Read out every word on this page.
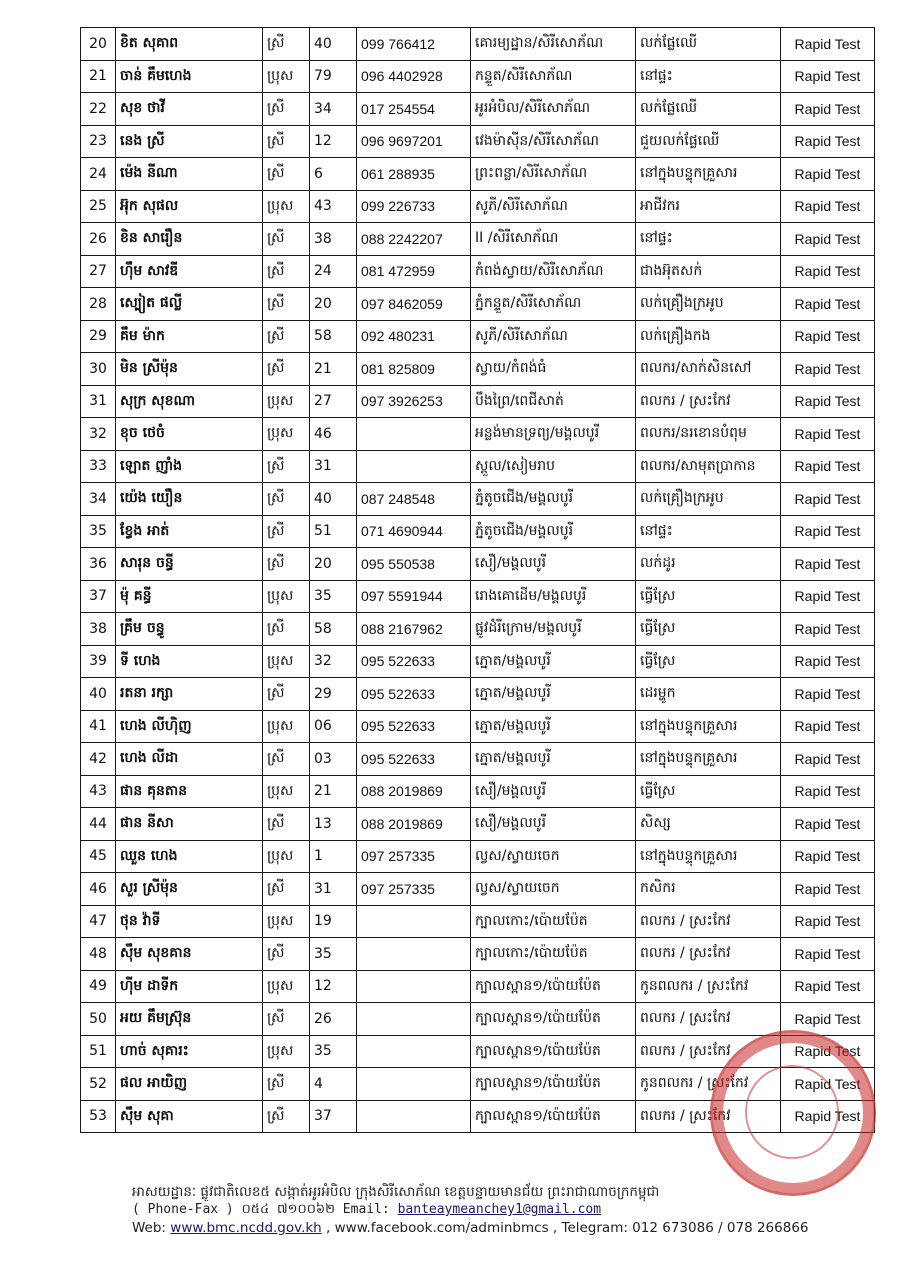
20	ខិត សុគាព	ស្រី	40	099 766412	គោរម្យដ្ឋាន/សិរីសោភ័ណ	លក់ផ្លែឈើ	Rapid Test
21	ចាន់ គឹមហេង	ប្រុស	79	096 4402928	កន្ទួត/សិរីសោភ័ណ	នៅផ្ទះ	Rapid Test
22	សុខ ថាវី	ស្រី	34	017 254554	អូរអំបិល/សិរីសោភ័ណ	លក់ផ្លែឈើ	Rapid Test
23	នេង ស្រី	ស្រី	12	096 9697201	វេងម៉ាស៊ីន/សិរីសោភ័ណ	ជួយលក់ផ្លែឈើ	Rapid Test
24	ម៉េង នីណា	ស្រី	6	061 288935	ព្រះពន្លា/សិរីសោភ័ណ	នៅក្នុងបន្ទុកគ្រួសារ	Rapid Test
25	អ៊ុក សុផល	ប្រុស	43	099 226733	សូភី/សិរីសោភ័ណ	អាជីវករ	Rapid Test
26	ខិន សារឿន	ស្រី	38	088 2242207	II /សិរីសោភ័ណ	នៅផ្ទះ	Rapid Test
27	ហ៊ឹម សាវឌី	ស្រី	24	081 472959	កំពង់ស្វាយ/សិរីសោភ័ណ	ជាងអ៊ុតសក់	Rapid Test
28	ស្បៀត ផល្លី	ស្រី	20	097 8462059	ភ្នំកន្ទួត/សិរីសោភ័ណ	លក់គ្រឿងក្រអូប	Rapid Test
29	គឹម ម៉ាក	ស្រី	58	092 480231	សូភី/សិរីសោភ័ណ	លក់គ្រឿងកង	Rapid Test
30	មិន ស្រីម៉ុន	ស្រី	21	081 825809	ស្វាយ/កំពង់ធំ	ពលករ/សាក់សិនសៅ	Rapid Test
31	សុក្រ សុខណា	ប្រុស	27	097 3926253	បឹងព្រៃ/ពេជីសាត់	ពលករ / ស្រះកែវ	Rapid Test
32	ខុច ថេចំ	ប្រុស	46		អន្លង់មានទ្រព្យ/មង្គលបូរី	ពលករ/នរខោនបំពុម	Rapid Test
33	ឡោត ញាំង	ស្រី	31		ស្តួល/សៀមរាប	ពលករ/សាមុតប្រាកាន	Rapid Test
34	យ៉េង យឿន	ស្រី	40	087 248548	ភ្នំតូចជើង/មង្គលបូរី	លក់គ្រឿងក្រអូប	Rapid Test
35	ខ្វែង អាត់	ស្រី	51	071 4690944	ភ្នំតូចជើង/មង្គលបូរី	នៅផ្ទះ	Rapid Test
36	សារុន ចន្ធី	ស្រី	20	095 550538	សឿ/មង្គលបូរី	លក់ដូរ	Rapid Test
37	ម៉ុ គន្ធី	ប្រុស	35	097 5591944	រោងគោដើម/មង្គលបូរី	ធ្វើស្រែ	Rapid Test
38	គ្រឹម ចន្ធូ	ស្រី	58	088 2167962	ផ្លូវដំរីក្រោម/មង្គលបូរី	ធ្វើស្រែ	Rapid Test
39	ទី ហេង	ប្រុស	32	095 522633	ភ្នោត/មង្គលបូរី	ធ្វើស្រែ	Rapid Test
40	រតនា រក្សា	ស្រី	29	095 522633	ភ្នោត/មង្គលបូរី	ដេរម្ហូក	Rapid Test
41	ហេង លីហ៊ិញ	ប្រុស	06	095 522633	ភ្នោត/មង្គលបូរី	នៅក្នុងបន្ទុកគ្រួសារ	Rapid Test
42	ហេង លីដា	ស្រី	03	095 522633	ភ្នោត/មង្គលបូរី	នៅក្នុងបន្ទុកគ្រួសារ	Rapid Test
43	ផាន គុនតាន	ប្រុស	21	088 2019869	សឿ/មង្គលបូរី	ធ្វើស្រែ	Rapid Test
44	ផាន នីសា	ស្រី	13	088 2019869	សឿ/មង្គលបូរី	សិស្ស	Rapid Test
45	ឈួន ហេង	ប្រុស	1	097 257335	ល្វស/ស្វាយចេក	នៅក្នុងបន្ទុកគ្រួសារ	Rapid Test
46	សួរ ស្រីម៉ុន	ស្រី	31	097 257335	ល្វស/ស្វាយចេក	កសិករ	Rapid Test
47	ថុន វ៉ាទី	ប្រុស	19		ក្បាលកោះ/ប៉ោយប៉ែត	ពលករ / ស្រះកែវ	Rapid Test
48	ស៊ឹម សុខគាន	ស្រី	35		ក្បាលកោះ/ប៉ោយប៉ែត	ពលករ / ស្រះកែវ	Rapid Test
49	ហ៊ីម ដាទីក	ប្រុស	12		ក្បាលស្ពាន១/ប៉ោយប៉ែត	កូនពលករ / ស្រះកែវ	Rapid Test
50	អយ គឹមស្រ៊ុន	ស្រី	26		ក្បាលស្ពាន១/ប៉ោយប៉ែត	ពលករ / ស្រះកែវ	Rapid Test
51	ហាច់ សុគារះ	ប្រុស	35		ក្បាលស្ពាន១/ប៉ោយប៉ែត	ពលករ / ស្រះកែវ	Rapid Test
52	ផល អាយិញ	ស្រី	4		ក្បាលស្ពាន១/ប៉ោយប៉ែត	កូនពលករ / ស្រះកែវ	Rapid Test
53	ស៊ឹម សុគា	ស្រី	37		ក្បាលស្ពាន១/ប៉ោយប៉ែត	ពលករ / ស្រះកែវ	Rapid Test
អាសយដ្ឋានៈ ផ្លូវជាតិលេខ៥ សង្កាត់អូរអំបិល ក្រុងសិរីសោភ័ណ ខេត្តបន្ទាយមានជ័យ ព្រះរាជាណាចក្រកម្ពុជា
( Phone-Fax ) ០៥៤ ៧១០០៦២ Email: banteaymeanchey1@gmail.com
Web: www.bmc.ncdd.gov.kh , www.facebook.com/adminbmcs , Telegram: 012 673086 / 078 266866
